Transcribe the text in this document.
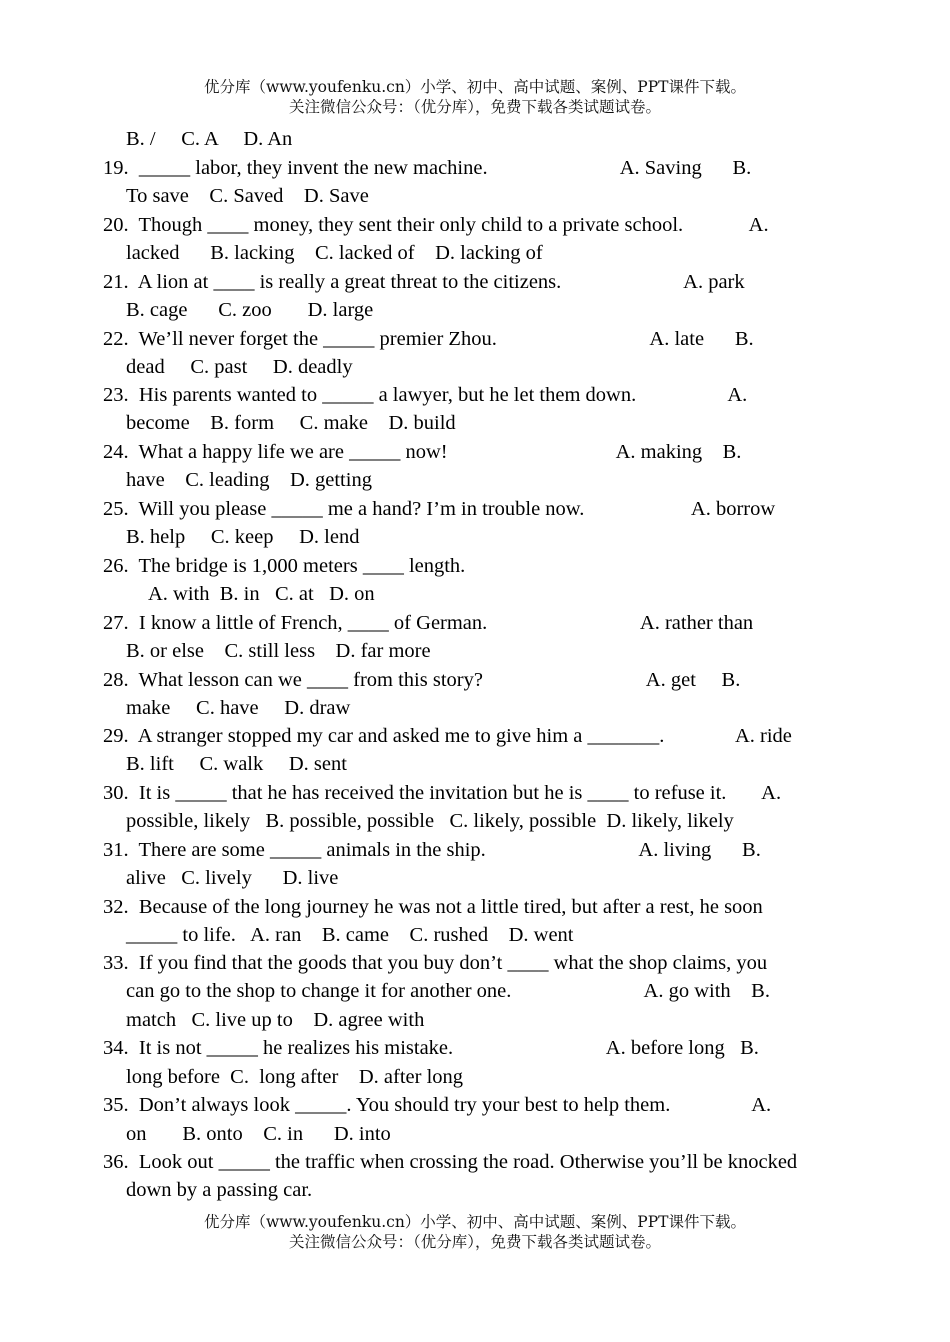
优分库（www.youfenku.cn）小学、初中、高中试题、案例、PPT课件下载。
关注微信公众号：（优分库），免费下载各类试题试卷。
B. /     C. A     D. An
19.  _____ labor, they invent the new machine.                          A. Saving      B.
To save    C. Saved    D. Save
20.  Though ____ money, they sent their only child to a private school.             A.
lacked      B. lacking    C. lacked of    D. lacking of
21.  A lion at ____ is really a great threat to the citizens.                        A. park
B. cage      C. zoo       D. large
22.  We’ll never forget the _____ premier Zhou.                              A. late      B.
dead     C. past     D. deadly
23.  His parents wanted to _____ a lawyer, but he let them down.                  A.
become    B. form     C. make    D. build
24.  What a happy life we are _____ now!                                 A. making    B.
have    C. leading    D. getting
25.  Will you please _____ me a hand? I’m in trouble now.                     A. borrow
B. help     C. keep     D. lend
26.  The bridge is 1,000 meters ____ length.
A. with  B. in   C. at   D. on
27.  I know a little of French, ____ of German.                              A. rather than
B. or else    C. still less    D. far more
28.  What lesson can we ____ from this story?                                A. get     B.
make     C. have     D. draw
29.  A stranger stopped my car and asked me to give him a _______.              A. ride
B. lift     C. walk     D. sent
30.  It is _____ that he has received the invitation but he is ____ to refuse it.       A.
possible, likely   B. possible, possible   C. likely, possible  D. likely, likely
31.  There are some _____ animals in the ship.                              A. living      B.
alive   C. lively      D. live
32.  Because of the long journey he was not a little tired, but after a rest, he soon
_____ to life.   A. ran    B. came    C. rushed    D. went
33.  If you find that the goods that you buy don’t ____ what the shop claims, you
can go to the shop to change it for another one.                          A. go with    B.
match   C. live up to    D. agree with
34.  It is not _____ he realizes his mistake.                              A. before long   B.
long before  C.  long after    D. after long
35.  Don’t always look _____. You should try your best to help them.                A.
on       B. onto    C. in      D. into
36.  Look out _____ the traffic when crossing the road. Otherwise you’ll be knocked
down by a passing car.
优分库（www.youfenku.cn）小学、初中、高中试题、案例、PPT课件下载。
关注微信公众号：（优分库），免费下载各类试题试卷。
